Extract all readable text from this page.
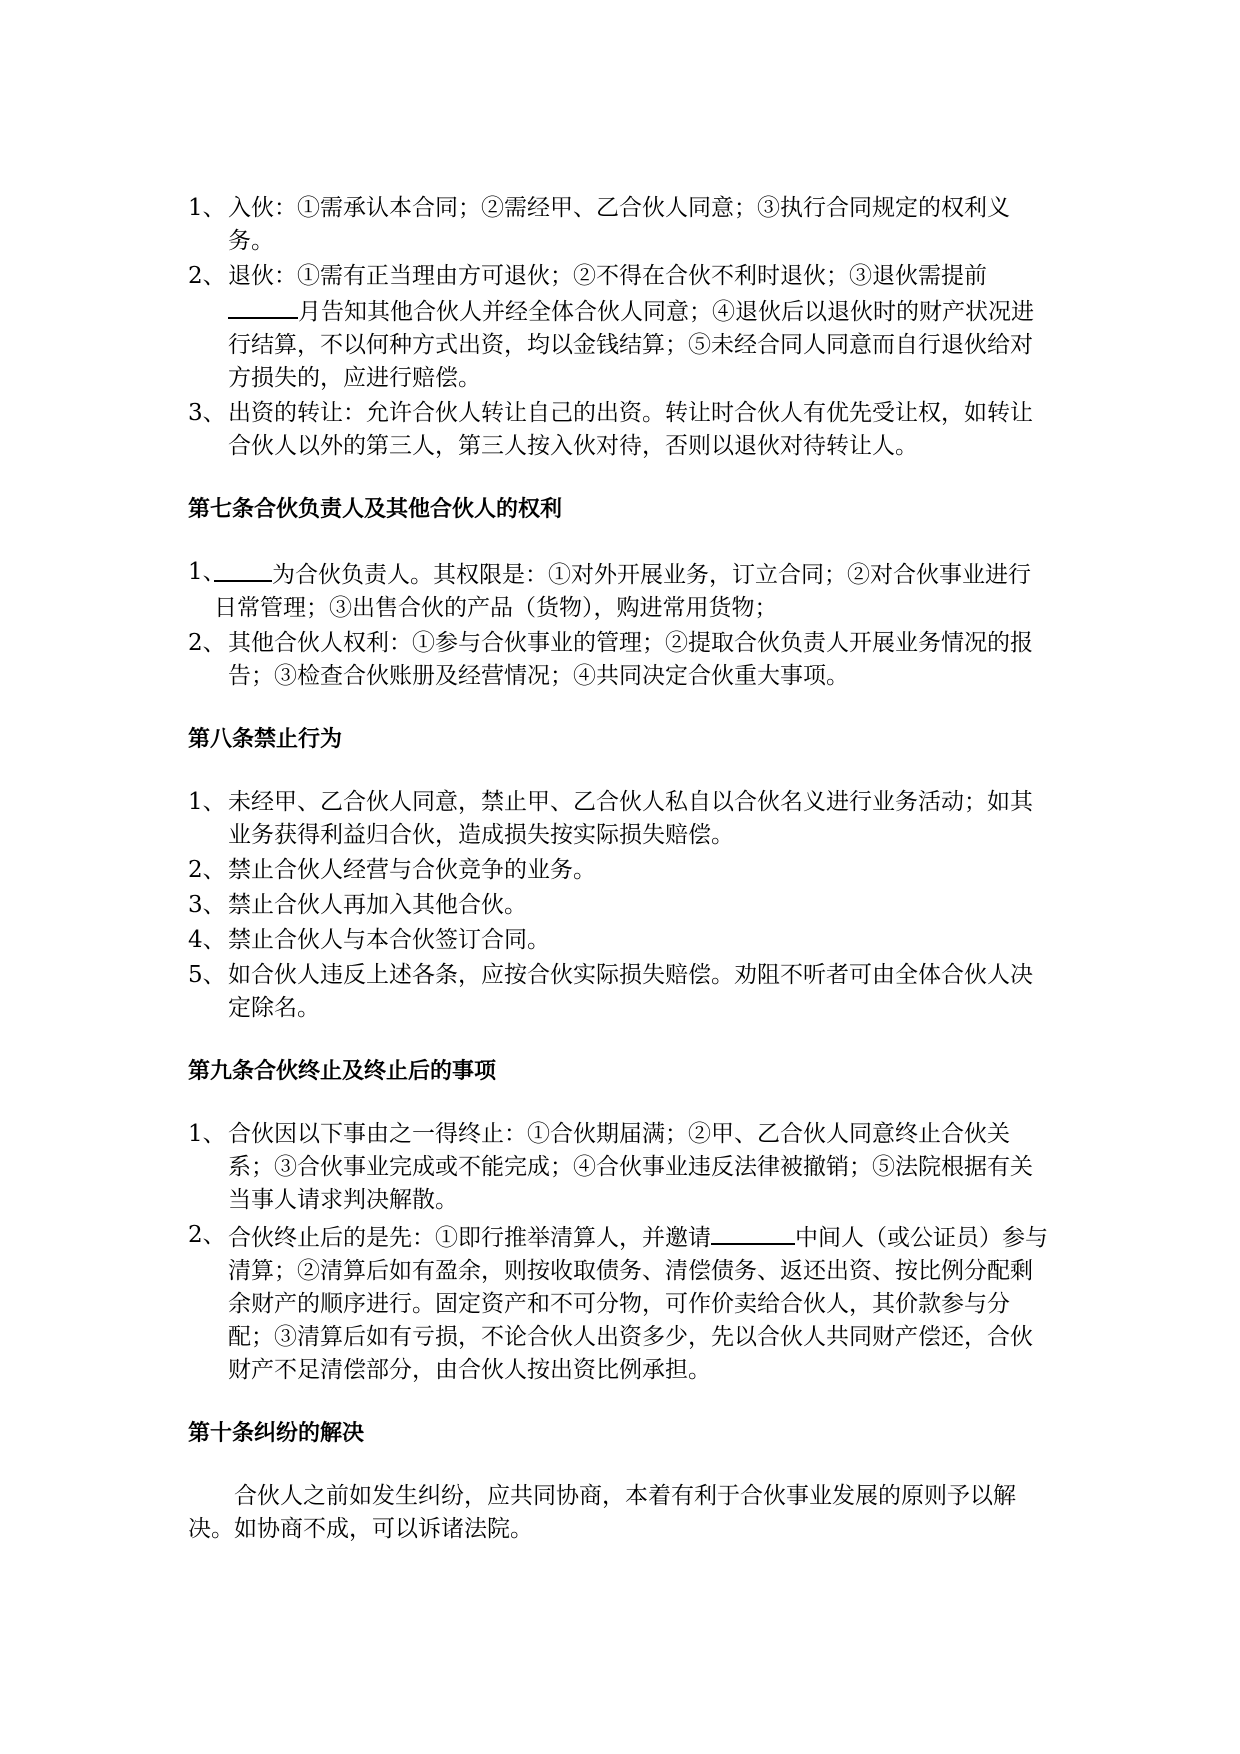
1、 入伙：①需承认本合同；②需经甲、乙合伙人同意；③执行合同规定的权利义务。

2、 退伙：①需有正当理由方可退伙；②不得在合伙不利时退伙；③退伙需提前月告知其他合伙人并经全体合伙人同意；④退伙后以退伙时的财产状况进行结算，不以何种方式出资，均以金钱结算；⑤未经合同人同意而自行退伙给对方损失的，应进行赔偿。

3、 出资的转让：允许合伙人转让自己的出资。转让时合伙人有优先受让权，如转让合伙人以外的第三人，第三人按入伙对待，否则以退伙对待转让人。

第七条合伙负责人及其他合伙人的权利

1、 为合伙负责人。其权限是：①对外开展业务，订立合同；②对合伙事业进行日常管理；③出售合伙的产品（货物），购进常用货物；

2、 其他合伙人权利：①参与合伙事业的管理；②提取合伙负责人开展业务情况的报告；③检查合伙账册及经营情况；④共同决定合伙重大事项。

第八条禁止行为

1、 未经甲、乙合伙人同意，禁止甲、乙合伙人私自以合伙名义进行业务活动；如其业务获得利益归合伙，造成损失按实际损失赔偿。

2、 禁止合伙人经营与合伙竞争的业务。

3、 禁止合伙人再加入其他合伙。

4、 禁止合伙人与本合伙签订合同。

5、 如合伙人违反上述各条，应按合伙实际损失赔偿。劝阻不听者可由全体合伙人决定除名。

第九条合伙终止及终止后的事项

1、 合伙因以下事由之一得终止：①合伙期届满；②甲、乙合伙人同意终止合伙关系；③合伙事业完成或不能完成；④合伙事业违反法律被撤销；⑤法院根据有关当事人请求判决解散。

2、 合伙终止后的是先：①即行推举清算人，并邀请	中间人（或公证员）参与清算；②清算后如有盈余，则按收取债务、清偿债务、返还出资、按比例分配剩余财产的顺序进行。固定资产和不可分物，可作价卖给合伙人，其价款参与分配；③清算后如有亏损，不论合伙人出资多少，先以合伙人共同财产偿还，合伙财产不足清偿部分，由合伙人按出资比例承担。

第十条纠纷的解决

合伙人之前如发生纠纷，应共同协商，本着有利于合伙事业发展的原则予以解决。如协商不成，可以诉诸法院。
